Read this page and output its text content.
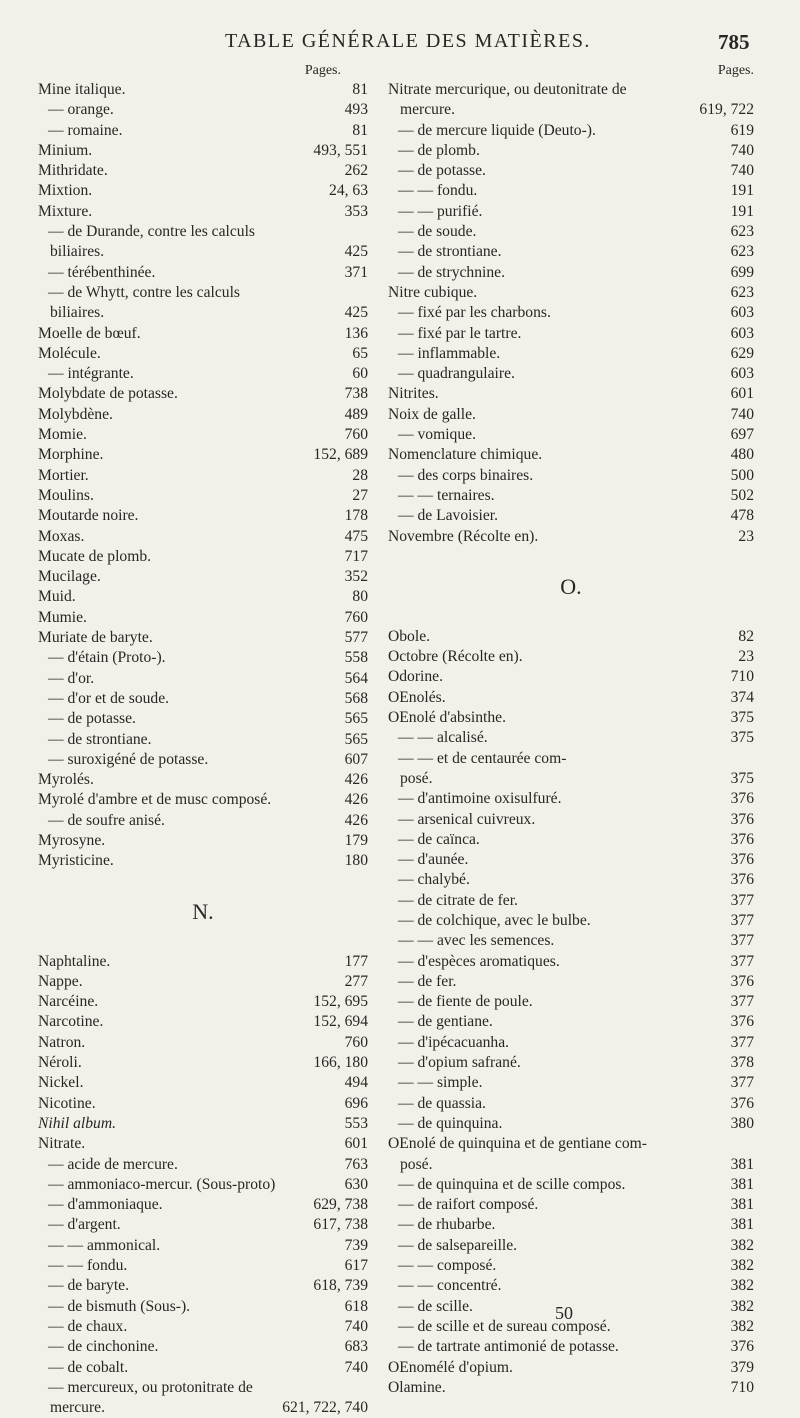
TABLE GÉNÉRALE DES MATIÈRES.	785
Pages.
Mine italique.	81
— orange.	493
— romaine.	81
Minium.	493, 551
Mithridate.	262
Mixtion.	24, 63
Mixture.	353
— de Durande, contre les calculs
biliaires.	425
— térébenthinée.	371
— de Whytt, contre les calculs
biliaires.	425
Moelle de bœuf.	136
Molécule.	65
— intégrante.	60
Molybdate de potasse.	738
Molybdène.	489
Momie.	760
Morphine.	152, 689
Mortier.	28
Moulins.	27
Moutarde noire.	178
Moxas.	475
Mucate de plomb.	717
Mucilage.	352
Muid.	80
Mumie.	760
Muriate de baryte.	577
— d'étain (Proto-).	558
— d'or.	564
— d'or et de soude.	568
— de potasse.	565
— de strontiane.	565
— suroxigéné de potasse.	607
Myrolés.	426
Myrolé d'ambre et de musc composé.	426
— de soufre anisé.	426
Myrosyne.	179
Myristicine.	180
N.
Naphtaline.	177
Nappe.	277
Narcéine.	152, 695
Narcotine.	152, 694
Natron.	760
Néroli.	166, 180
Nickel.	494
Nicotine.	696
Nihil album.	553
Nitrate.	601
— acide de mercure.	763
— ammoniaco-mercur. (Sous-proto)	630
— d'ammoniaque.	629, 738
— d'argent.	617, 738
— — ammonical.	739
— — fondu.	617
— de baryte.	618, 739
— de bismuth (Sous-).	618
— de chaux.	740
— de cinchonine.	683
— de cobalt.	740
— mercureux, ou protonitrate de
mercure.	621, 722, 740
Pages.
Nitrate mercurique, ou deutonitrate de
mercure.	619, 722
— de mercure liquide (Deuto-).	619
— de plomb.	740
— de potasse.	740
— — fondu.	191
— — purifié.	191
— de soude.	623
— de strontiane.	623
— de strychnine.	699
Nitre cubique.	623
— fixé par les charbons.	603
— fixé par le tartre.	603
— inflammable.	629
— quadrangulaire.	603
Nitrites.	601
Noix de galle.	740
— vomique.	697
Nomenclature chimique.	480
— des corps binaires.	500
— — ternaires.	502
— de Lavoisier.	478
Novembre (Récolte en).	23
O.
Obole.	82
Octobre (Récolte en).	23
Odorine.	710
OEnolés.	374
OEnolé d'absinthe.	375
— — alcalisé.	375
— — et de centaurée com-
posé.	375
— d'antimoine oxisulfuré.	376
— arsenical cuivreux.	376
— de caïnca.	376
— d'aunée.	376
— chalybé.	376
— de citrate de fer.	377
— de colchique, avec le bulbe.	377
— — avec les semences.	377
— d'espèces aromatiques.	377
— de fer.	376
— de fiente de poule.	377
— de gentiane.	376
— d'ipécacuanha.	377
— d'opium safrané.	378
— — simple.	377
— de quassia.	376
— de quinquina.	380
OEnolé de quinquina et de gentiane com-
posé.	381
— de quinquina et de scille compos.	381
— de raifort composé.	381
— de rhubarbe.	381
— de salsepareille.	382
— — composé.	382
— — concentré.	382
— de scille.	382
— de scille et de sureau composé.	382
— de tartrate antimonié de potasse.	376
OEnomélé d'opium.	379
Olamine.	710
50
